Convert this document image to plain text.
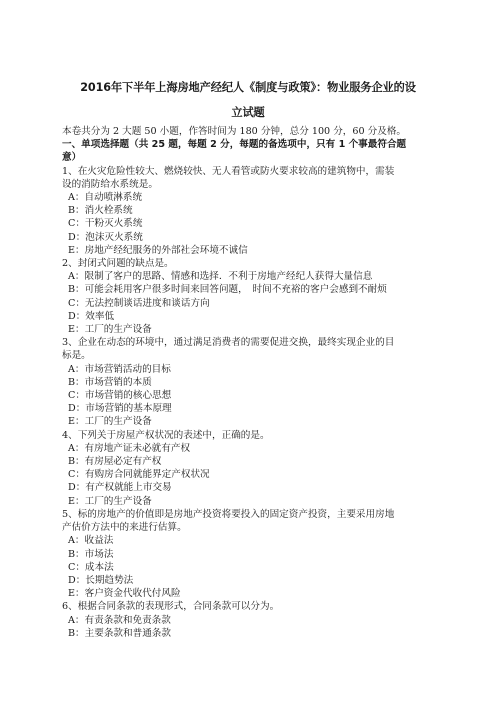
2016年下半年上海房地产经纪人《制度与政策》：物业服务企业的设
立试题
本卷共分为 2 大题 50 小题，作答时间为 180 分钟，总分 100 分，60 分及格。
一、单项选择题（共 25 题，每题 2 分，每题的备选项中，只有 1 个事最符合题
意）
1、在火灾危险性较大、燃烧较快、无人看管或防火要求较高的建筑物中，需装
设的消防给水系统是。
A：自动喷淋系统
B：消火栓系统
C：干粉灭火系统
D：泡沫灭火系统
E：房地产经纪服务的外部社会环境不诚信
2、封闭式问题的缺点是。
A：限制了客户的思路、情感和选择．不利于房地产经纪人获得大量信息
B：可能会耗用客户很多时间来回答问题，　时间不充裕的客户会感到不耐烦
C：无法控制谈话进度和谈话方向
D：效率低
E：工厂的生产设备
3、企业在动态的环境中，通过满足消费者的需要促进交换，最终实现企业的目
标是。
A：市场营销活动的目标
B：市场营销的本质
C：市场营销的核心思想
D：市场营销的基本原理
E：工厂的生产设备
4、下列关于房屋产权状况的表述中，正确的是。
A：有房地产证未必就有产权
B：有房屋必定有产权
C：有购房合同就能界定产权状况
D：有产权就能上市交易
E：工厂的生产设备
5、标的房地产的价值即是房地产投资将要投入的固定资产投资，主要采用房地
产估价方法中的来进行估算。
A：收益法
B：市场法
C：成本法
D：长期趋势法
E：客户资金代收代付风险
6、根据合同条款的表现形式，合同条款可以分为。
A：有责条款和免责条款
B：主要条款和普通条款
